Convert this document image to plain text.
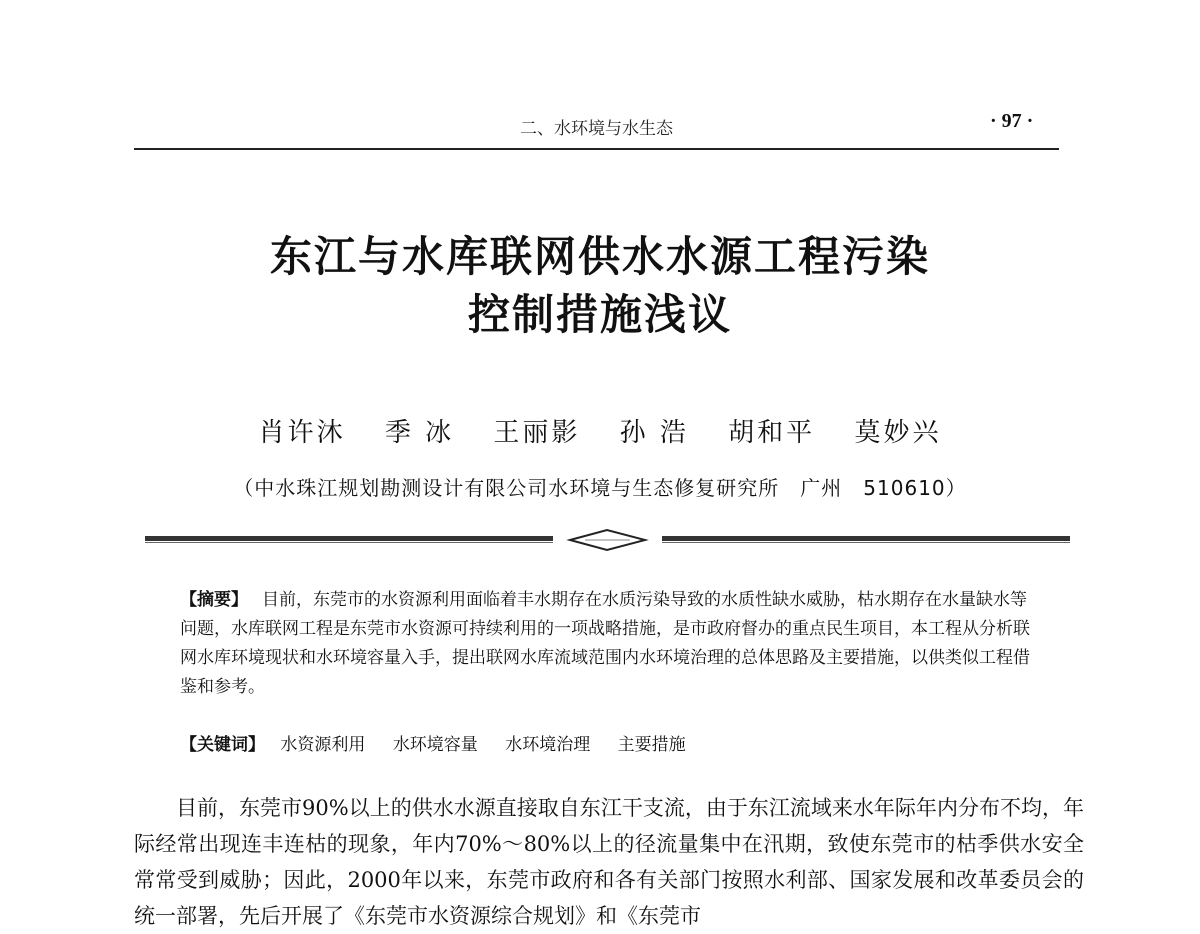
二、水环境与水生态	· 97 ·
东江与水库联网供水水源工程污染
控制措施浅议
肖许沐 季 冰 王丽影 孙 浩 胡和平 莫妙兴
（中水珠江规划勘测设计有限公司水环境与生态修复研究所　广州　510610）
【摘要】 目前，东莞市的水资源利用面临着丰水期存在水质污染导致的水质性缺水威胁，枯水期存在水量缺水等问题，水库联网工程是东莞市水资源可持续利用的一项战略措施，是市政府督办的重点民生项目，本工程从分析联网水库环境现状和水环境容量入手，提出联网水库流域范围内水环境治理的总体思路及主要措施，以供类似工程借鉴和参考。
【关键词】 水资源利用 水环境容量 水环境治理 主要措施
目前，东莞市90%以上的供水水源直接取自东江干支流，由于东江流域来水年际年内分布不均，年际经常出现连丰连枯的现象，年内70%～80%以上的径流量集中在汛期，致使东莞市的枯季供水安全常常受到威胁；因此，2000年以来，东莞市政府和各有关部门按照水利部、国家发展和改革委员会的统一部署，先后开展了《东莞市水资源综合规划》和《东莞市
